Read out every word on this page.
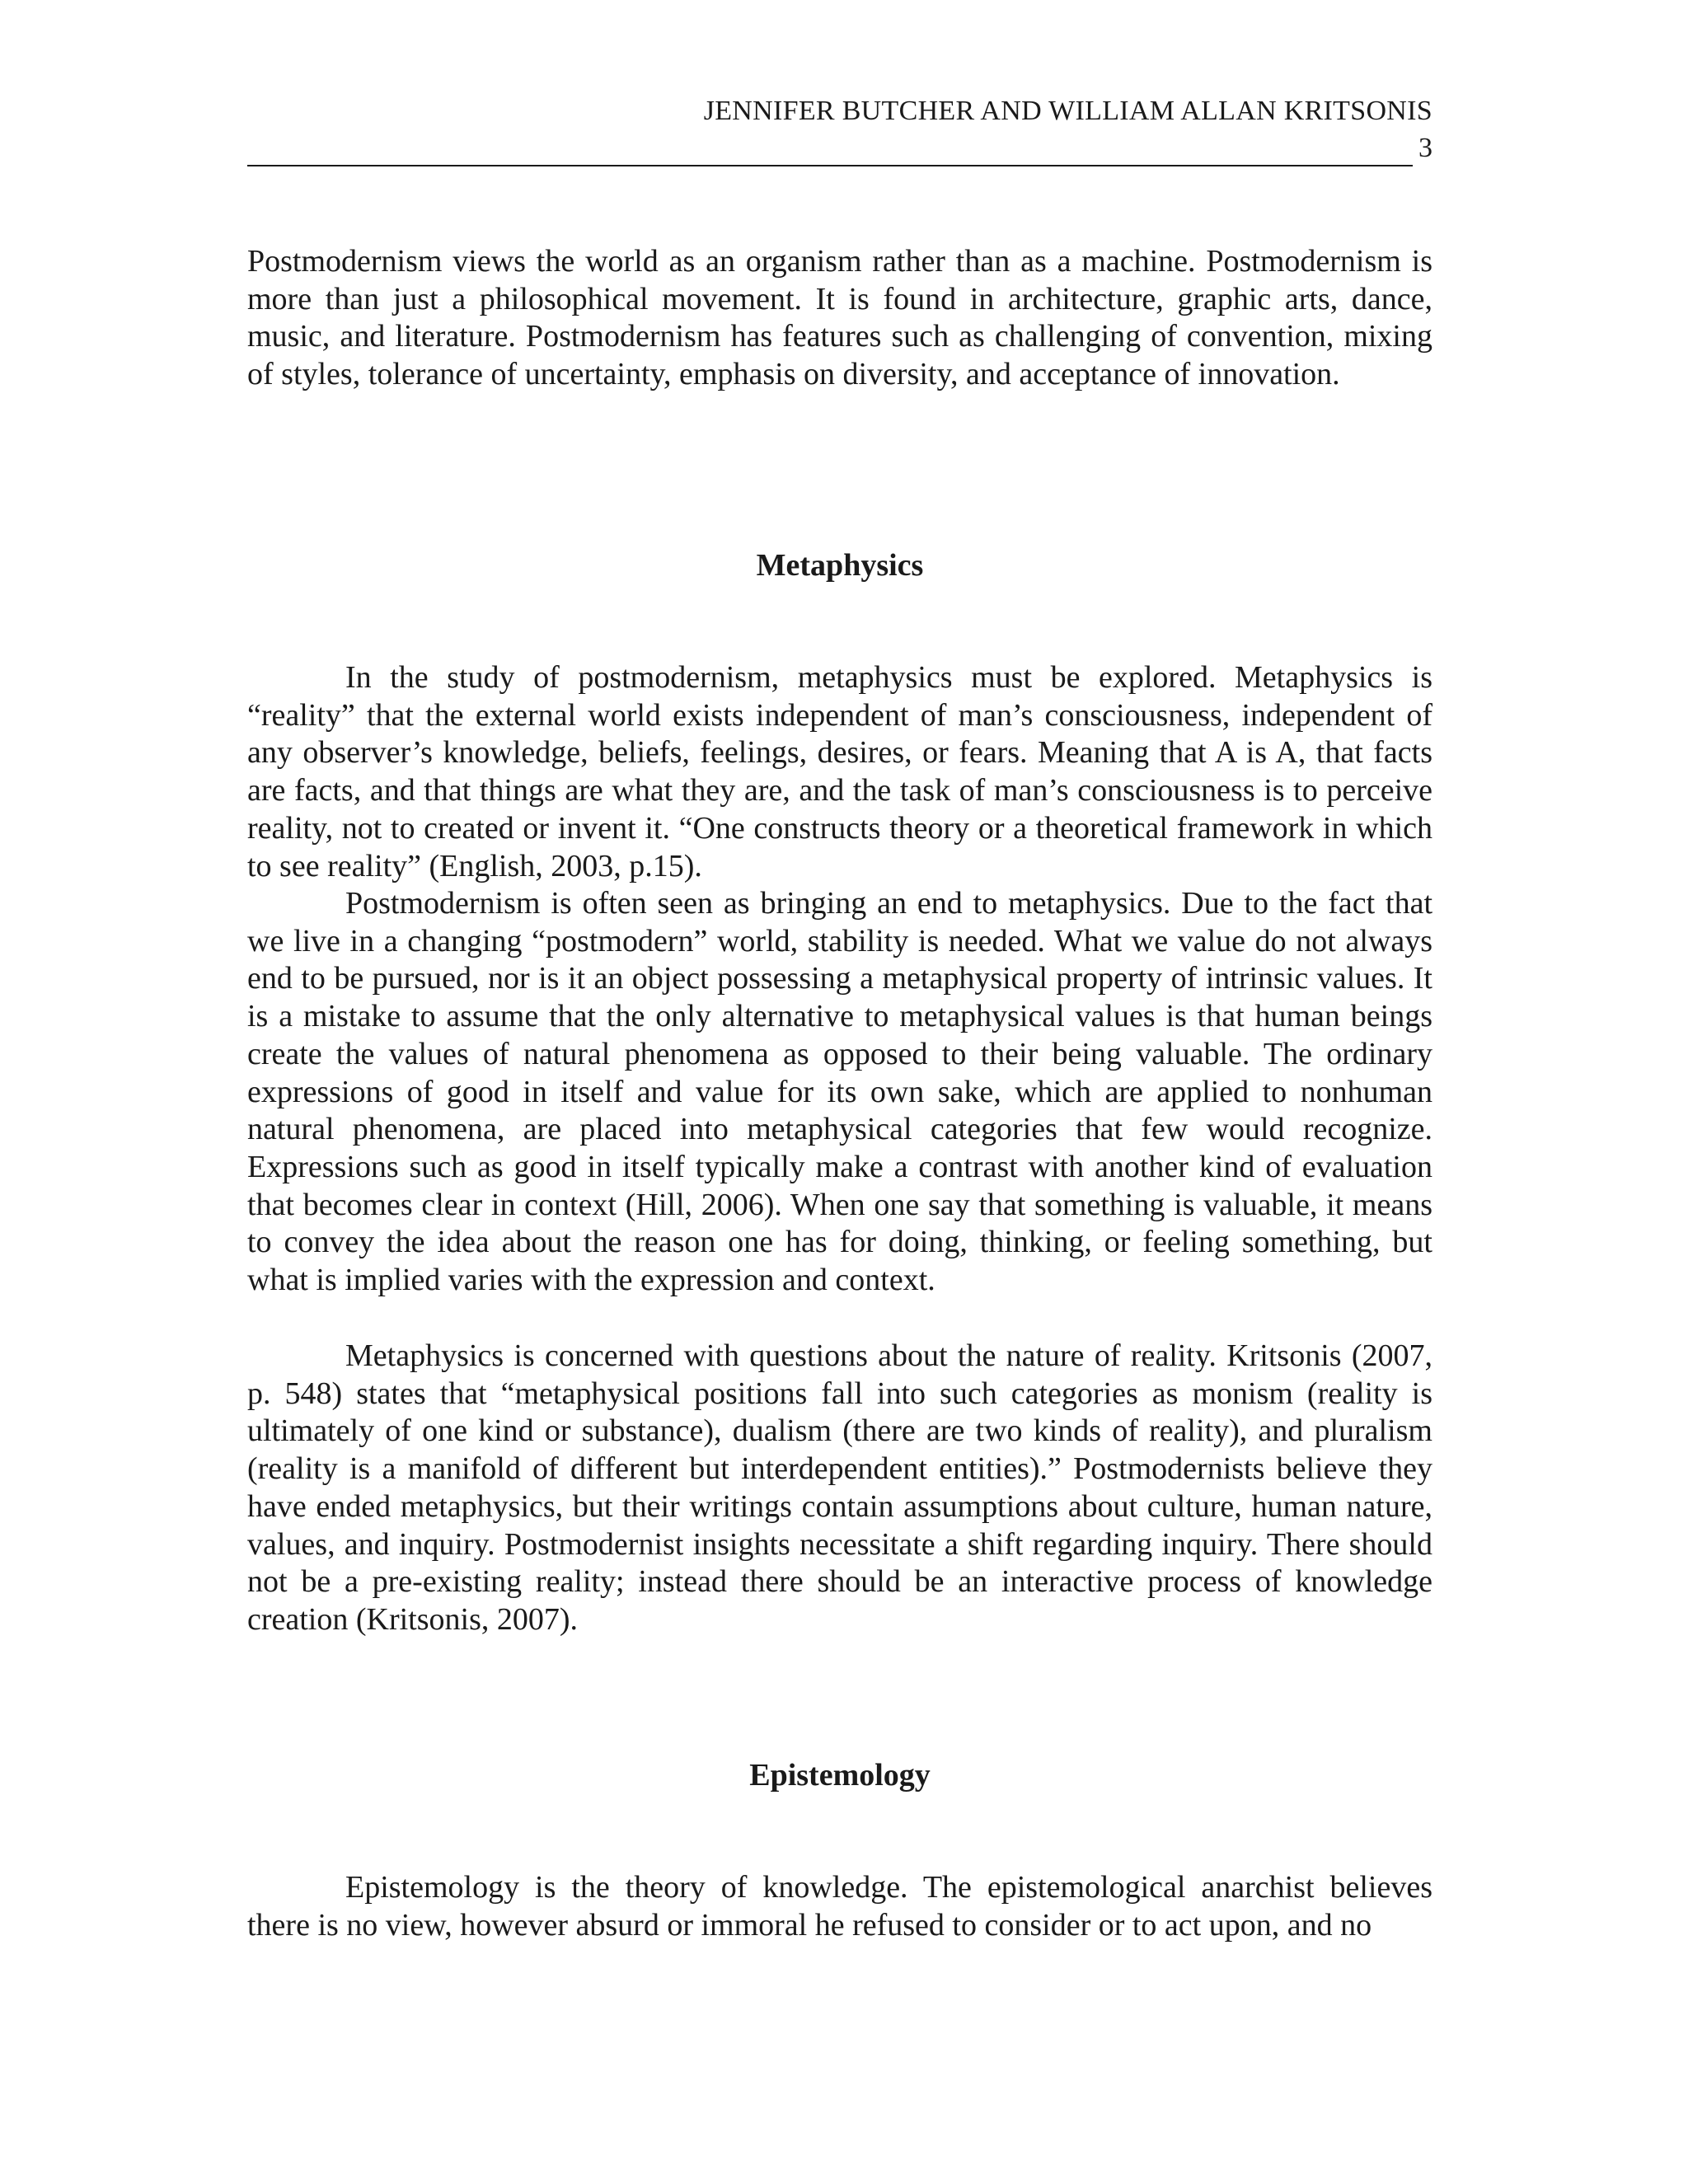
JENNIFER BUTCHER AND WILLIAM ALLAN KRITSONIS
3

Postmodernism views the world as an organism rather than as a machine. Postmodernism is more than just a philosophical movement. It is found in architecture, graphic arts, dance, music, and literature. Postmodernism has features such as challenging of convention, mixing of styles, tolerance of uncertainty, emphasis on diversity, and acceptance of innovation.

Metaphysics

In the study of postmodernism, metaphysics must be explored. Metaphysics is “reality” that the external world exists independent of man’s consciousness, independent of any observer’s knowledge, beliefs, feelings, desires, or fears. Meaning that A is A, that facts are facts, and that things are what they are, and the task of man’s consciousness is to perceive reality, not to created or invent it. “One constructs theory or a theoretical framework in which to see reality” (English, 2003, p.15).

Postmodernism is often seen as bringing an end to metaphysics. Due to the fact that we live in a changing “postmodern” world, stability is needed. What we value do not always end to be pursued, nor is it an object possessing a metaphysical property of intrinsic values. It is a mistake to assume that the only alternative to metaphysical values is that human beings create the values of natural phenomena as opposed to their being valuable. The ordinary expressions of good in itself and value for its own sake, which are applied to nonhuman natural phenomena, are placed into metaphysical categories that few would recognize. Expressions such as good in itself typically make a contrast with another kind of evaluation that becomes clear in context (Hill, 2006). When one say that something is valuable, it means to convey the idea about the reason one has for doing, thinking, or feeling something, but what is implied varies with the expression and context.

Metaphysics is concerned with questions about the nature of reality. Kritsonis (2007, p. 548) states that “metaphysical positions fall into such categories as monism (reality is ultimately of one kind or substance), dualism (there are two kinds of reality), and pluralism (reality is a manifold of different but interdependent entities).” Postmodernists believe they have ended metaphysics, but their writings contain assumptions about culture, human nature, values, and inquiry. Postmodernist insights necessitate a shift regarding inquiry. There should not be a pre-existing reality; instead there should be an interactive process of knowledge creation (Kritsonis, 2007).

Epistemology

Epistemology is the theory of knowledge. The epistemological anarchist believes there is no view, however absurd or immoral he refused to consider or to act upon, and no
